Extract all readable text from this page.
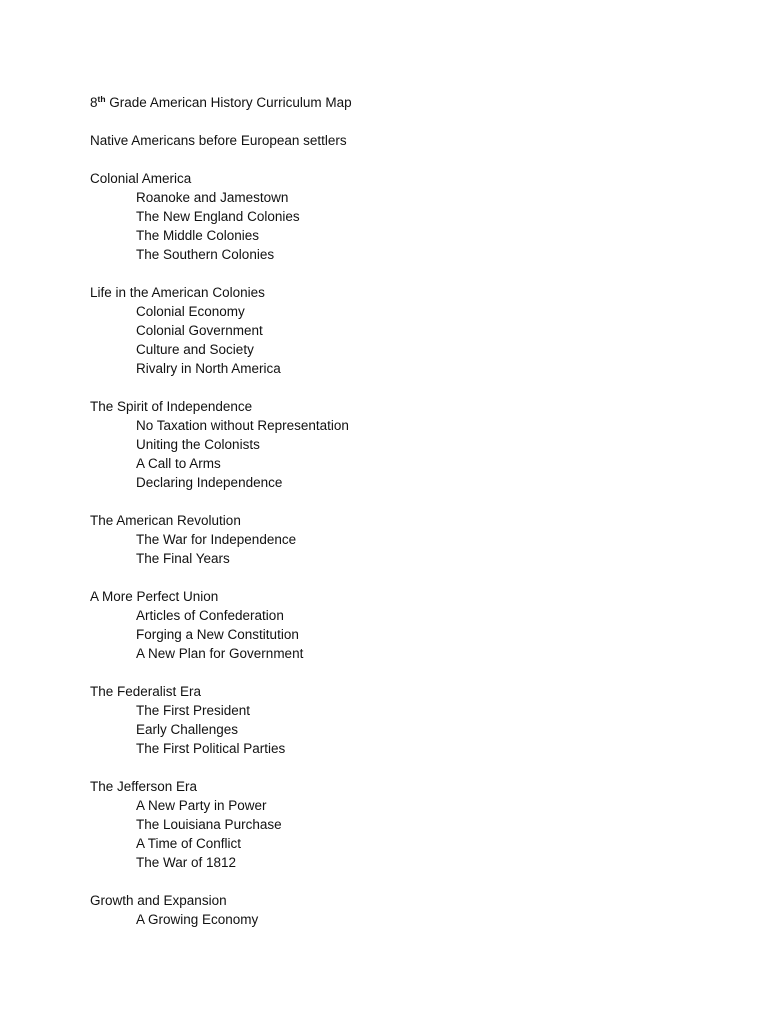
8th Grade American History Curriculum Map
Native Americans before European settlers
Colonial America
Roanoke and Jamestown
The New England Colonies
The Middle Colonies
The Southern Colonies
Life in the American Colonies
Colonial Economy
Colonial Government
Culture and Society
Rivalry in North America
The Spirit of Independence
No Taxation without Representation
Uniting the Colonists
A Call to Arms
Declaring Independence
The American Revolution
The War for Independence
The Final Years
A More Perfect Union
Articles of Confederation
Forging a New Constitution
A New Plan for Government
The Federalist Era
The First President
Early Challenges
The First Political Parties
The Jefferson Era
A New Party in Power
The Louisiana Purchase
A Time of Conflict
The War of 1812
Growth and Expansion
A Growing Economy
